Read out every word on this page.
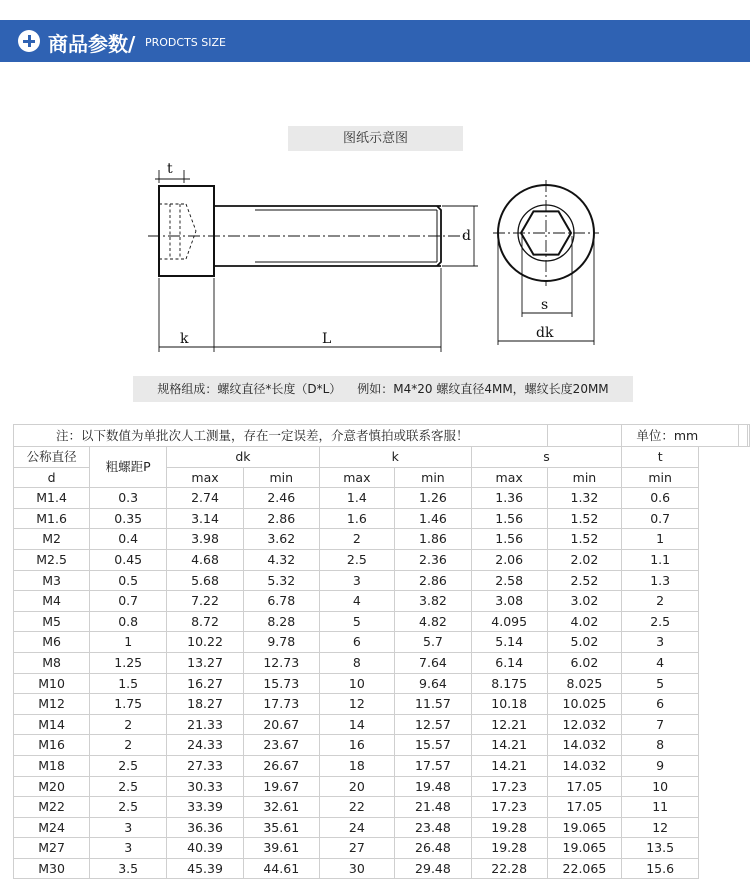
商品参数/ PRODCTS SIZE
图纸示意图
t
d
k	L
s
dk
规格组成：螺纹直径*长度（D*L） 例如：M4*20 螺纹直径4MM，螺纹长度20MM
注：以下数值为单批次人工测量，存在一定误差，介意者慎拍或联系客服！								单位：mm	
公称直径	粗螺距P	dk		k		s		t	
d		max	min	max	min	max	min	min	
M1.4	0.3	2.74	2.46	1.4	1.26	1.36	1.32	0.6	
M1.6	0.35	3.14	2.86	1.6	1.46	1.56	1.52	0.7	
M2	0.4	3.98	3.62	2	1.86	1.56	1.52	1	
M2.5	0.45	4.68	4.32	2.5	2.36	2.06	2.02	1.1	
M3	0.5	5.68	5.32	3	2.86	2.58	2.52	1.3	
M4	0.7	7.22	6.78	4	3.82	3.08	3.02	2	
M5	0.8	8.72	8.28	5	4.82	4.095	4.02	2.5	
M6	1	10.22	9.78	6	5.7	5.14	5.02	3	
M8	1.25	13.27	12.73	8	7.64	6.14	6.02	4	
M10	1.5	16.27	15.73	10	9.64	8.175	8.025	5	
M12	1.75	18.27	17.73	12	11.57	10.18	10.025	6	
M14	2	21.33	20.67	14	12.57	12.21	12.032	7	
M16	2	24.33	23.67	16	15.57	14.21	14.032	8	
M18	2.5	27.33	26.67	18	17.57	14.21	14.032	9	
M20	2.5	30.33	19.67	20	19.48	17.23	17.05	10	
M22	2.5	33.39	32.61	22	21.48	17.23	17.05	11	
M24	3	36.36	35.61	24	23.48	19.28	19.065	12	
M27	3	40.39	39.61	27	26.48	19.28	19.065	13.5	
M30	3.5	45.39	44.61	30	29.48	22.28	22.065	15.6	
